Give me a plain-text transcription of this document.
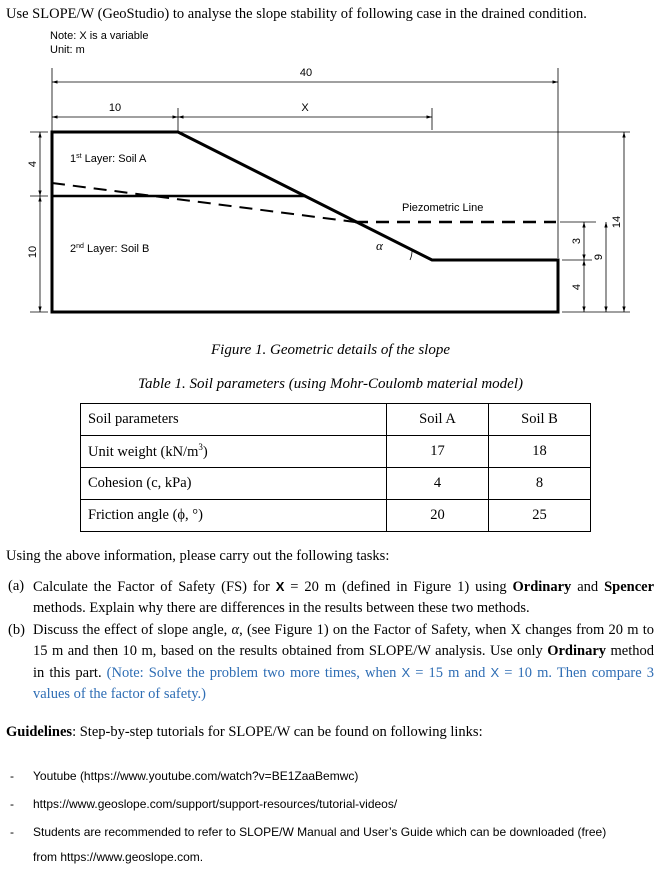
Use SLOPE/W (GeoStudio) to analyse the slope stability of following case in the drained condition.
Note: X is a variable
Unit: m
40
10	X
α
1st Layer: Soil A
2nd Layer: Soil B
Piezometric Line
4
10
3
4
9
14
Figure 1. Geometric details of the slope
Table 1. Soil parameters (using Mohr-Coulomb material model)
Soil parameters	Soil A	Soil B
Unit weight $(kN/m^3)$	17	18
Cohesion (c, kPa)	4	8
Friction angle (ϕ, °)	20	25
Using the above information, please carry out the following tasks:
(a) Calculate the Factor of Safety (FS) for X = 20 m (defined in Figure 1) using Ordinary and Spencer methods. Explain why there are differences in the results between these two methods.
(b) Discuss the effect of slope angle, α, (see Figure 1) on the Factor of Safety, when X changes from 20 m to 15 m and then 10 m, based on the results obtained from SLOPE/W analysis. Use only Ordinary method in this part. (Note: Solve the problem two more times, when X = 15 m and X = 10 m. Then compare 3 values of the factor of safety.)
Guidelines: Step-by-step tutorials for SLOPE/W can be found on following links:
- Youtube (https://www.youtube.com/watch?v=BE1ZaaBemwc)
- https://www.geoslope.com/support/support-resources/tutorial-videos/
- Students are recommended to refer to SLOPE/W Manual and User’s Guide which can be downloaded (free)
from https://www.geoslope.com.
